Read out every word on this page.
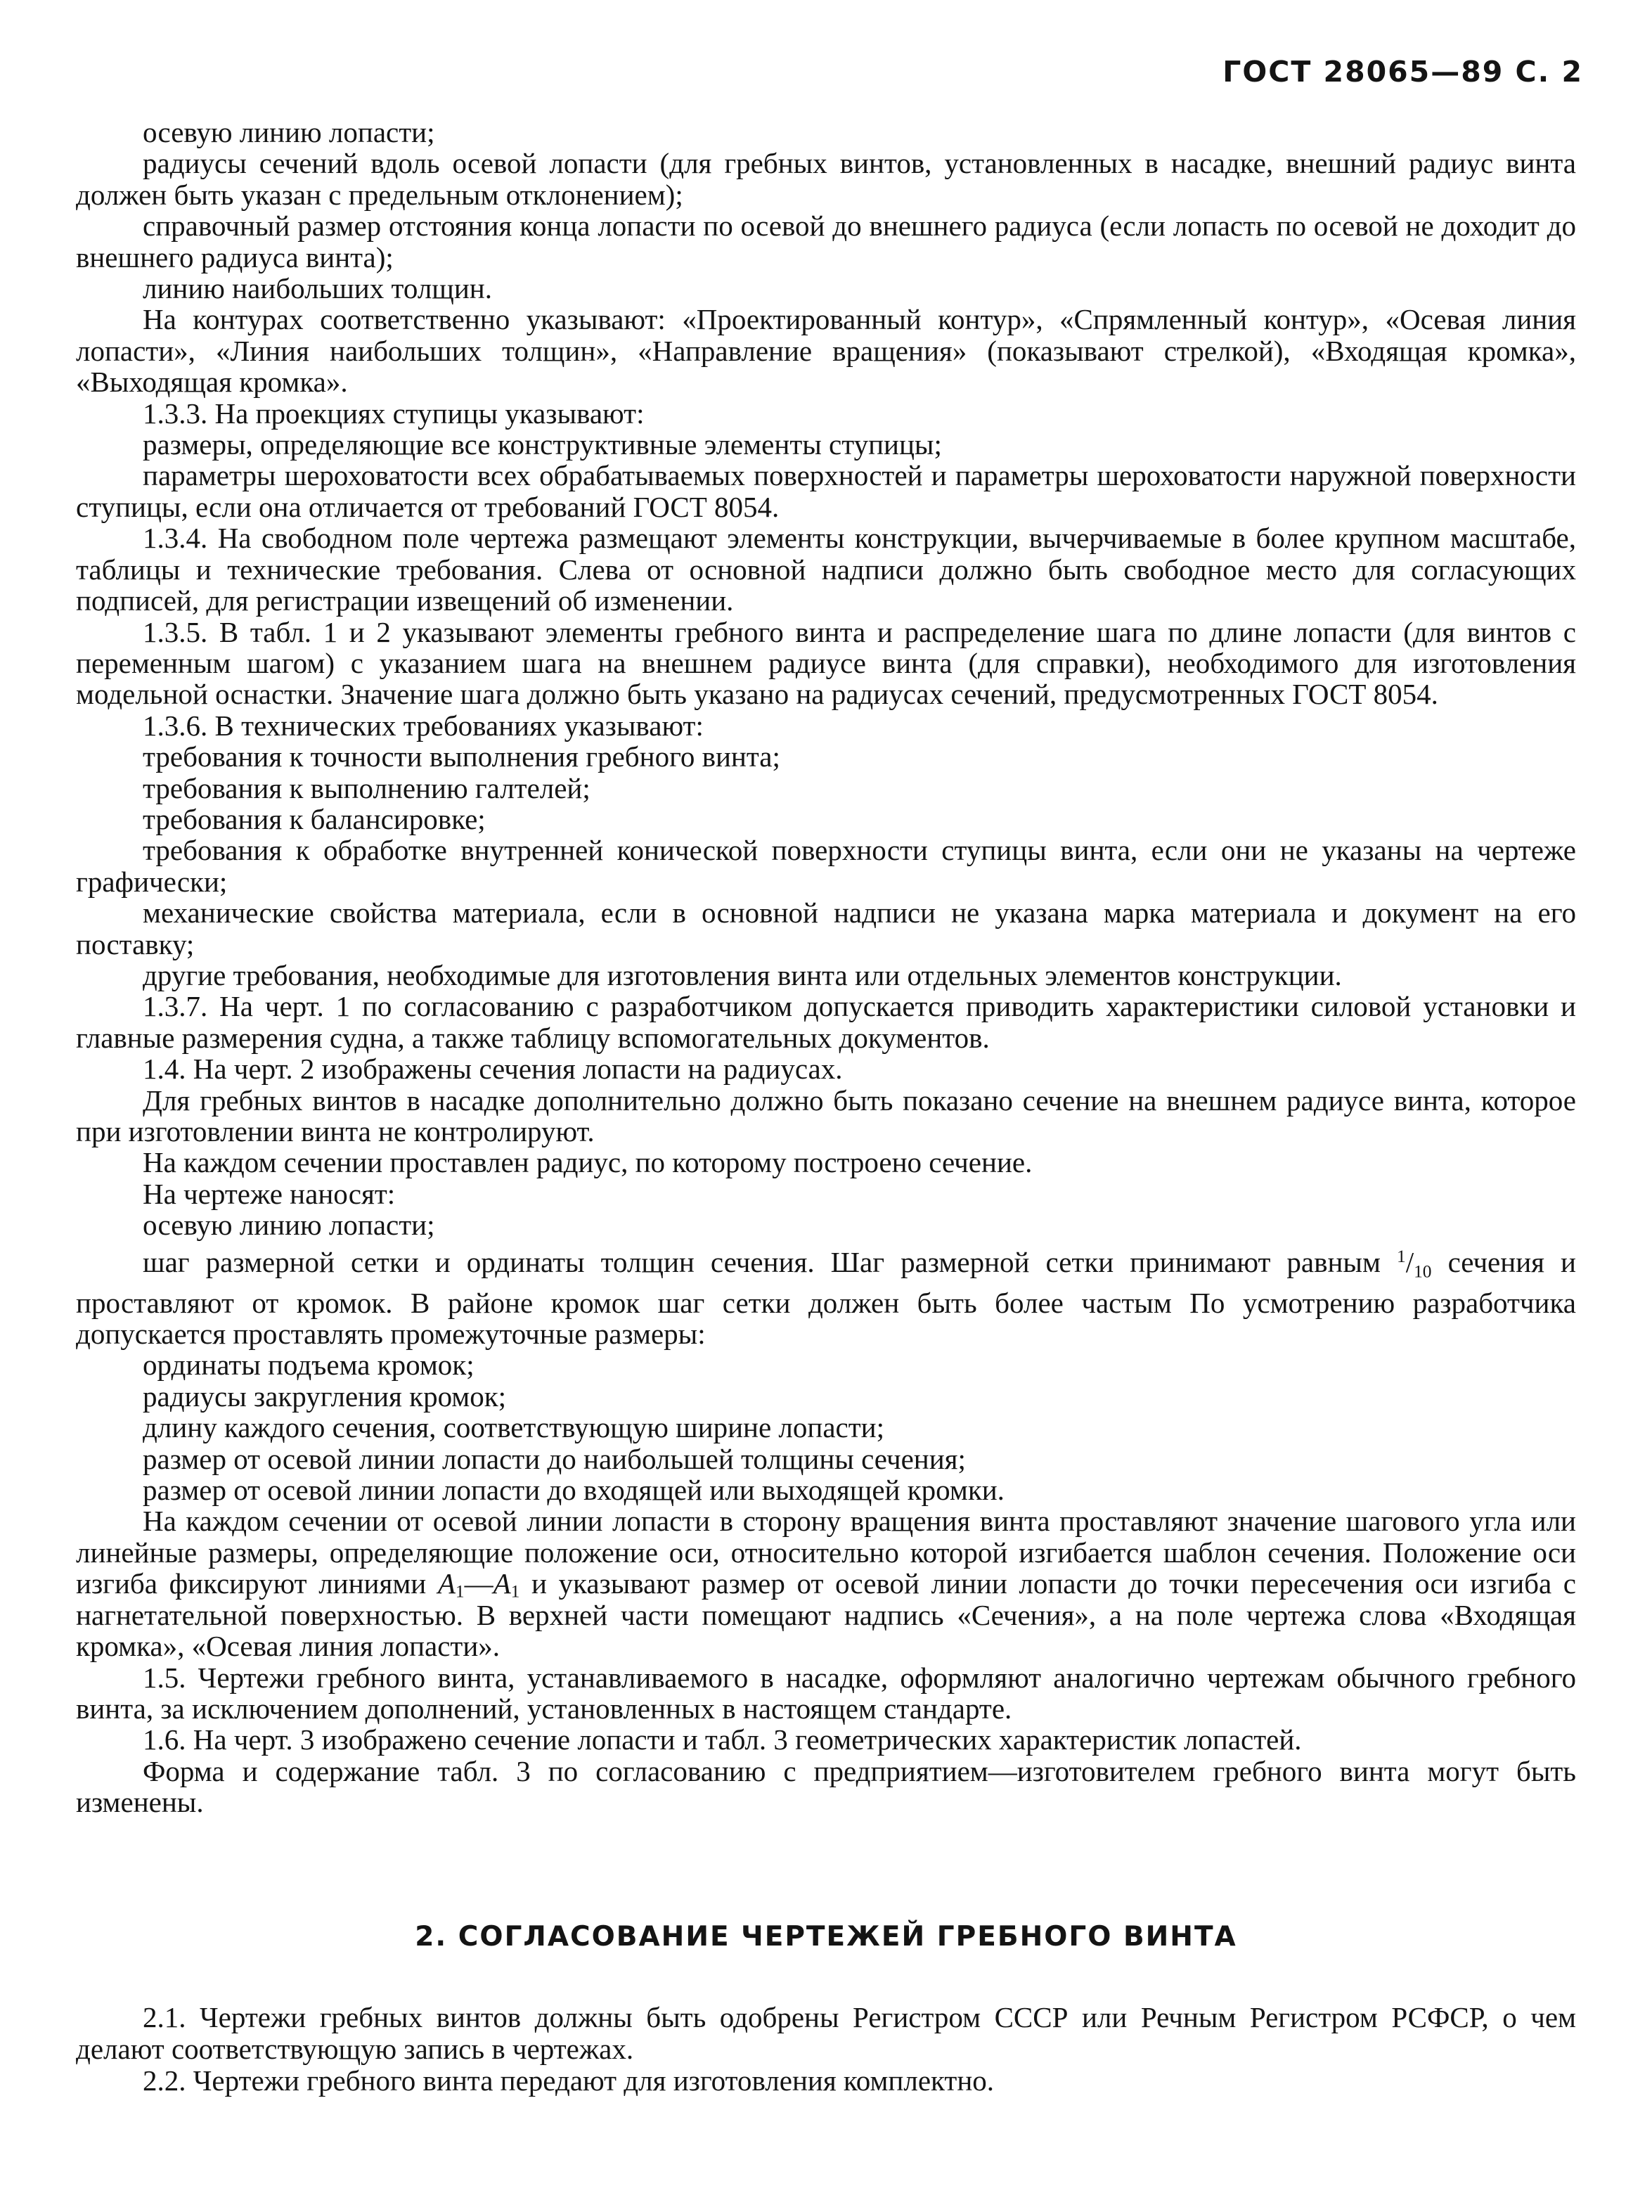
ГОСТ 28065—89 С. 2

осевую линию лопасти;

радиусы сечений вдоль осевой лопасти (для гребных винтов, установленных в насадке, внешний радиус винта должен быть указан с предельным отклонением);

справочный размер отстояния конца лопасти по осевой до внешнего радиуса (если лопасть по осевой не доходит до внешнего радиуса винта);

линию наибольших толщин.

На контурах соответственно указывают: «Проектированный контур», «Спрямленный контур», «Осевая линия лопасти», «Линия наибольших толщин», «Направление вращения» (показывают стрелкой), «Входящая кромка», «Выходящая кромка».

1.3.3. На проекциях ступицы указывают:

размеры, определяющие все конструктивные элементы ступицы;

параметры шероховатости всех обрабатываемых поверхностей и параметры шероховатости наружной поверхности ступицы, если она отличается от требований ГОСТ 8054.

1.3.4. На свободном поле чертежа размещают элементы конструкции, вычерчиваемые в более крупном масштабе, таблицы и технические требования. Слева от основной надписи должно быть свободное место для согласующих подписей, для регистрации извещений об изменении.

1.3.5. В табл. 1 и 2 указывают элементы гребного винта и распределение шага по длине лопасти (для винтов с переменным шагом) с указанием шага на внешнем радиусе винта (для справки), необходимого для изготовления модельной оснастки. Значение шага должно быть указано на радиусах сечений, предусмотренных ГОСТ 8054.

1.3.6. В технических требованиях указывают:

требования к точности выполнения гребного винта;

требования к выполнению галтелей;

требования к балансировке;

требования к обработке внутренней конической поверхности ступицы винта, если они не указаны на чертеже графически;

механические свойства материала, если в основной надписи не указана марка материала и документ на его поставку;

другие требования, необходимые для изготовления винта или отдельных элементов конструкции.

1.3.7. На черт. 1 по согласованию с разработчиком допускается приводить характеристики силовой установки и главные размерения судна, а также таблицу вспомогательных документов.

1.4. На черт. 2 изображены сечения лопасти на радиусах.

Для гребных винтов в насадке дополнительно должно быть показано сечение на внешнем радиусе винта, которое при изготовлении винта не контролируют.

На каждом сечении проставлен радиус, по которому построено сечение.

На чертеже наносят:

осевую линию лопасти;

шаг размерной сетки и ординаты толщин сечения. Шаг размерной сетки принимают равным $^1$/10 сечения и проставляют от кромок. В районе кромок шаг сетки должен быть более частым По усмотрению разработчика допускается проставлять промежуточные размеры:

ординаты подъема кромок;

радиусы закругления кромок;

длину каждого сечения, соответствующую ширине лопасти;

размер от осевой линии лопасти до наибольшей толщины сечения;

размер от осевой линии лопасти до входящей или выходящей кромки.

На каждом сечении от осевой линии лопасти в сторону вращения винта проставляют значение шагового угла или линейные размеры, определяющие положение оси, относительно которой изгибается шаблон сечения. Положение оси изгиба фиксируют линиями $A_1—A_1$ и указывают размер от осевой линии лопасти до точки пересечения оси изгиба с нагнетательной поверхностью. В верхней части помещают надпись «Сечения», а на поле чертежа слова «Входящая кромка», «Осевая линия лопасти».

1.5. Чертежи гребного винта, устанавливаемого в насадке, оформляют аналогично чертежам обычного гребного винта, за исключением дополнений, установленных в настоящем стандарте.

1.6. На черт. 3 изображено сечение лопасти и табл. 3 геометрических характеристик лопастей.

Форма и содержание табл. 3 по согласованию с предприятием—изготовителем гребного винта могут быть изменены.

2. СОГЛАСОВАНИЕ ЧЕРТЕЖЕЙ ГРЕБНОГО ВИНТА

2.1. Чертежи гребных винтов должны быть одобрены Регистром СССР или Речным Регистром РСФСР, о чем делают соответствующую запись в чертежах.

2.2. Чертежи гребного винта передают для изготовления комплектно.
